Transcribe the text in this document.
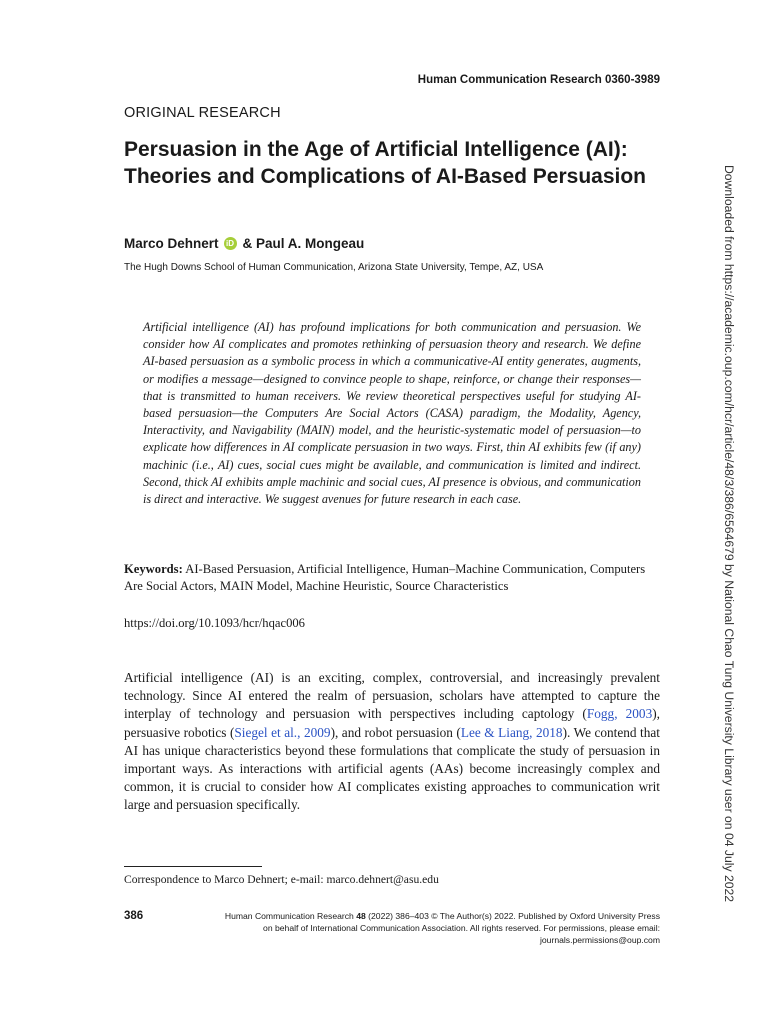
Human Communication Research 0360-3989
ORIGINAL RESEARCH
Persuasion in the Age of Artificial Intelligence (AI): Theories and Complications of AI-Based Persuasion
Marco Dehnert iD & Paul A. Mongeau
The Hugh Downs School of Human Communication, Arizona State University, Tempe, AZ, USA

Artificial intelligence (AI) has profound implications for both communication and persuasion. We consider how AI complicates and promotes rethinking of persuasion theory and research. We define AI-based persuasion as a symbolic process in which a communicative-AI entity generates, augments, or modifies a message—designed to convince people to shape, reinforce, or change their responses—that is transmitted to human receivers. We review theoretical perspectives useful for studying AI-based persuasion—the Computers Are Social Actors (CASA) paradigm, the Modality, Agency, Interactivity, and Navigability (MAIN) model, and the heuristic-systematic model of persuasion—to explicate how differences in AI complicate persuasion in two ways. First, thin AI exhibits few (if any) machinic (i.e., AI) cues, social cues might be available, and communication is limited and indirect. Second, thick AI exhibits ample machinic and social cues, AI presence is obvious, and communication is direct and interactive. We suggest avenues for future research in each case.

Keywords: AI-Based Persuasion, Artificial Intelligence, Human–Machine Communication, Computers Are Social Actors, MAIN Model, Machine Heuristic, Source Characteristics

https://doi.org/10.1093/hcr/hqac006

Artificial intelligence (AI) is an exciting, complex, controversial, and increasingly prevalent technology. Since AI entered the realm of persuasion, scholars have attempted to capture the interplay of technology and persuasion with perspectives including captology (Fogg, 2003), persuasive robotics (Siegel et al., 2009), and robot persuasion (Lee & Liang, 2018). We contend that AI has unique characteristics beyond these formulations that complicate the study of persuasion in important ways. As interactions with artificial agents (AAs) become increasingly complex and common, it is crucial to consider how AI complicates existing approaches to communication writ large and persuasion specifically.

Correspondence to Marco Dehnert; e-mail: marco.dehnert@asu.edu
386	Human Communication Research 48 (2022) 386–403 © The Author(s) 2022. Published by Oxford University Press
on behalf of International Communication Association. All rights reserved. For permissions, please email:
journals.permissions@oup.com
Downloaded from https://academic.oup.com/hcr/article/48/3/386/6564679 by National Chao Tung University Library user on 04 July 2022
